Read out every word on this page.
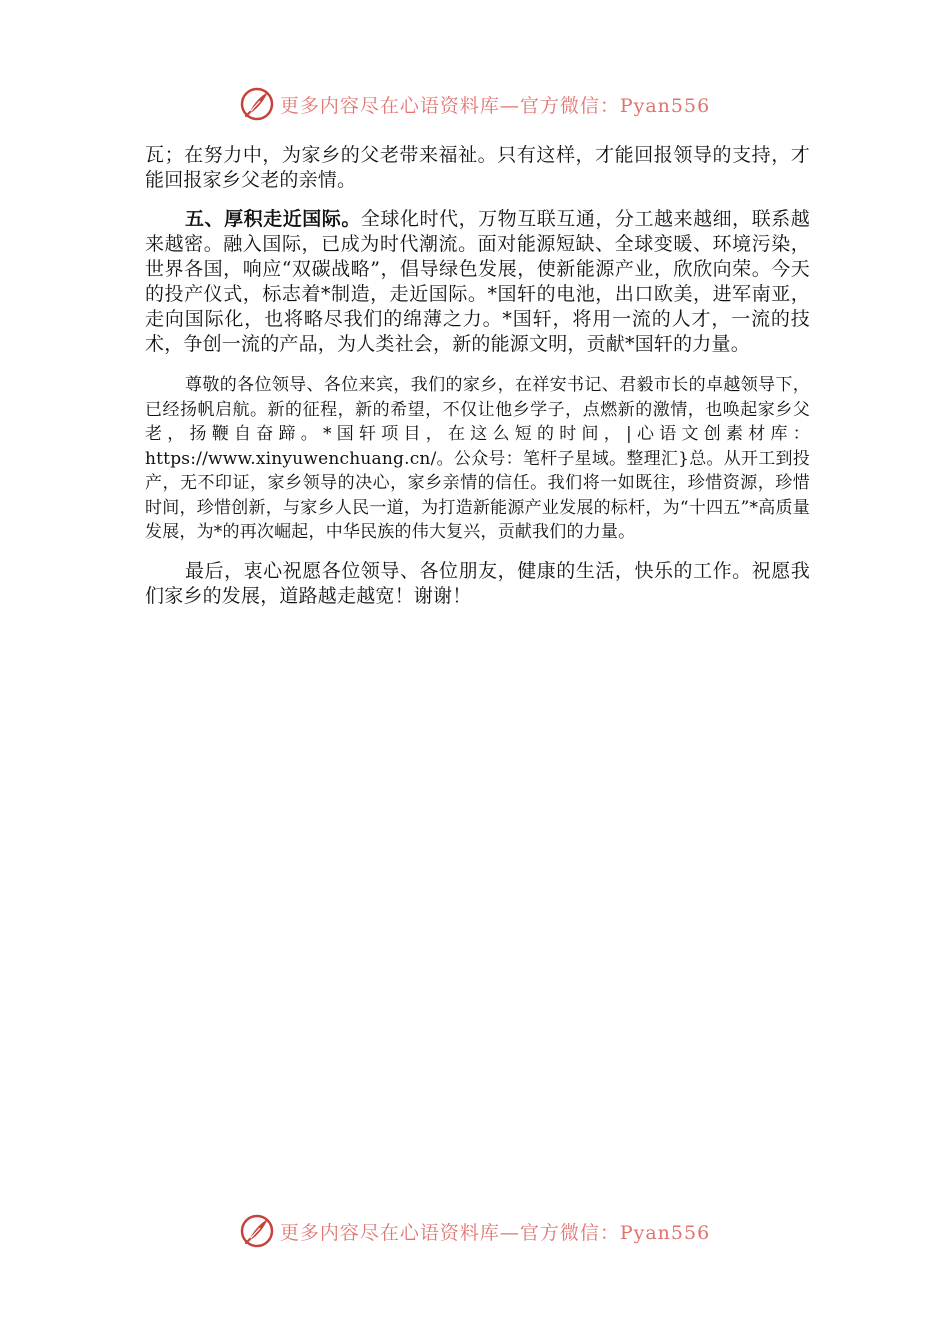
更多内容尽在心语资料库—官方微信：Pyan556

瓦；在努力中，为家乡的父老带来福祉。只有这样，才能回报领导的支持，才能回报家乡父老的亲情。

五、厚积走近国际。全球化时代，万物互联互通，分工越来越细，联系越来越密。融入国际，已成为时代潮流。面对能源短缺、全球变暖、环境污染，世界各国，响应“双碳战略”，倡导绿色发展，使新能源产业，欣欣向荣。今天的投产仪式，标志着*制造，走近国际。*国轩的电池，出口欧美，进军南亚，走向国际化，也将略尽我们的绵薄之力。*国轩，将用一流的人才，一流的技术，争创一流的产品，为人类社会，新的能源文明，贡献*国轩的力量。

尊敬的各位领导、各位来宾，我们的家乡，在祥安书记、君毅市长的卓越领导下，已经扬帆启航。新的征程，新的希望，不仅让他乡学子，点燃新的激情，也唤起家乡父老，扬鞭自奋蹄。*国轩项目，在这么短的时间，|心语文创素材库：https://www.xinyuwenchuang.cn/。公众号：笔杆子星域。整理汇}总。从开工到投产，无不印证，家乡领导的决心，家乡亲情的信任。我们将一如既往，珍惜资源，珍惜时间，珍惜创新，与家乡人民一道，为打造新能源产业发展的标杆，为“十四五”*高质量发展，为*的再次崛起，中华民族的伟大复兴，贡献我们的力量。

最后，衷心祝愿各位领导、各位朋友，健康的生活，快乐的工作。祝愿我们家乡的发展，道路越走越宽！谢谢！

更多内容尽在心语资料库—官方微信：Pyan556
